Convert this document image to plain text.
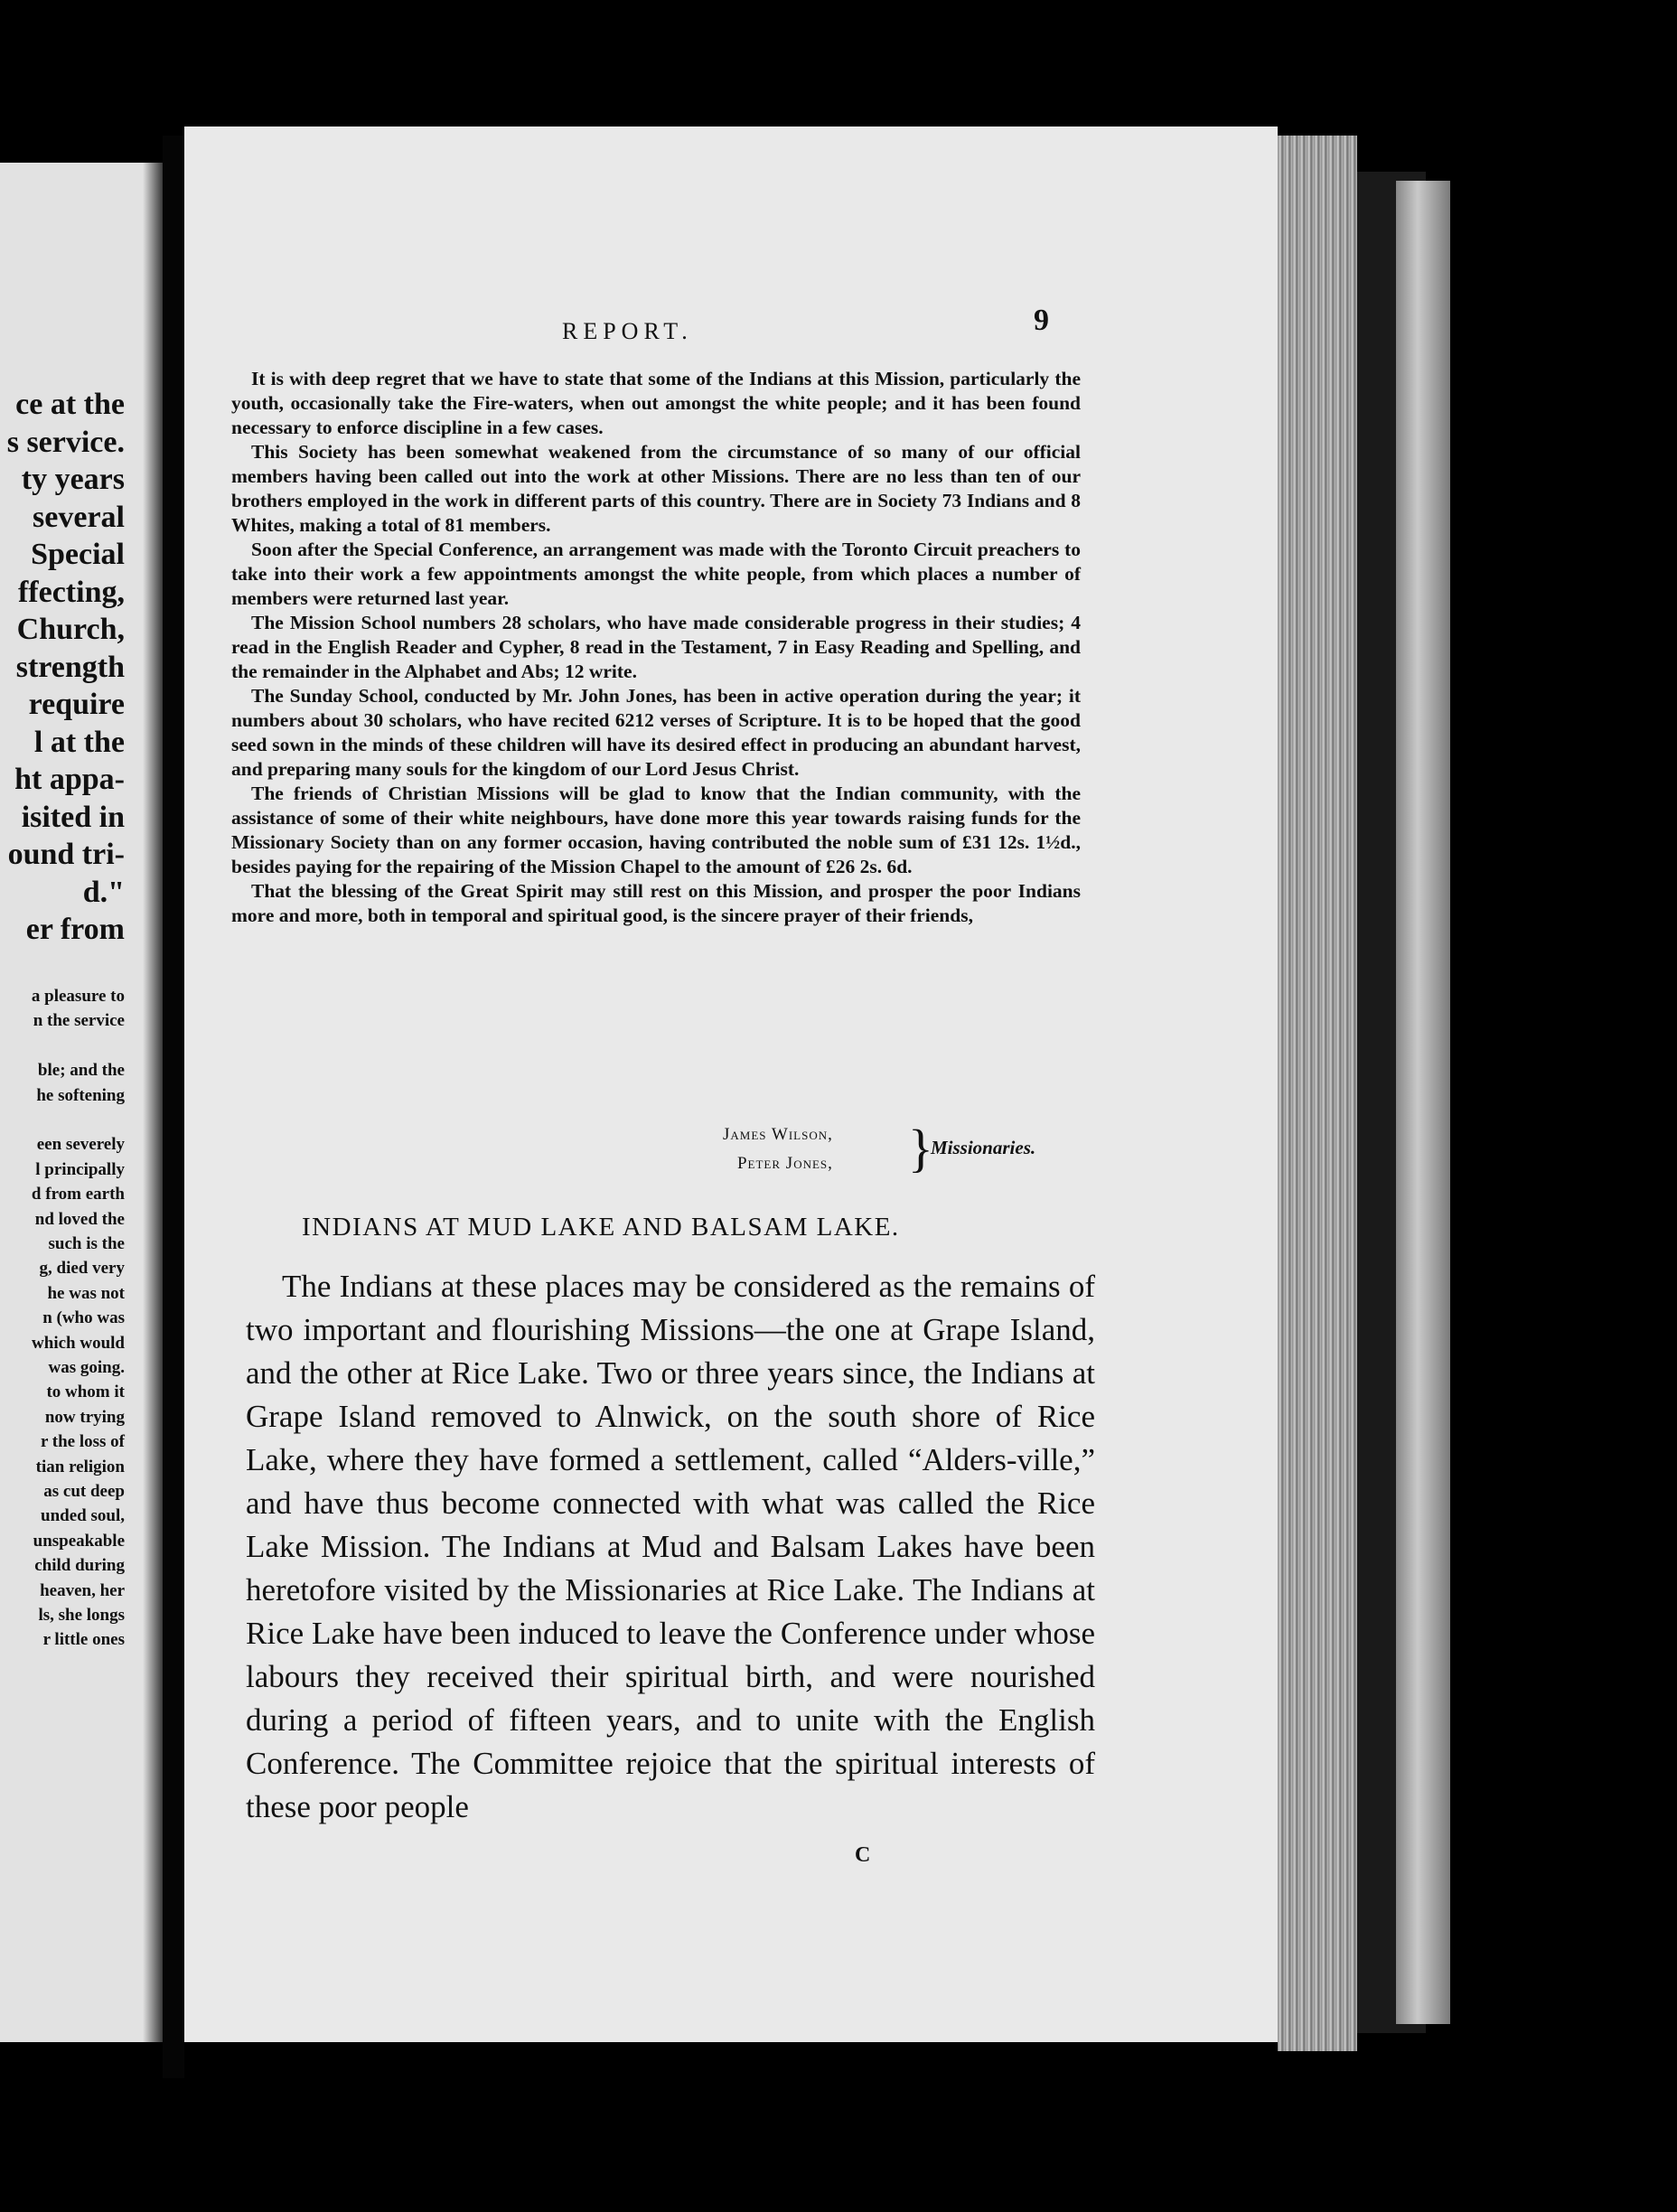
ce at the
s service.
ty years
several
Special
ffecting,
Church,
strength
require
l at the
ht appa-
isited in
ound tri-
d."
er from
a pleasure to
n the service
ble; and the
he softening
een severely
l principally
d from earth
nd loved the
such is the
g, died very
he was not
n (who was
which would
was going.
to whom it
now trying
r the loss of
tian religion
as cut deep
unded soul,
unspeakable
child during
heaven, her
ls, she longs
r little ones
REPORT.	9

It is with deep regret that we have to state that some of the Indians at this Mission, particularly the youth, occasionally take the Fire-waters, when out amongst the white people; and it has been found necessary to enforce discipline in a few cases.

This Society has been somewhat weakened from the circumstance of so many of our official members having been called out into the work at other Missions. There are no less than ten of our brothers employed in the work in different parts of this country. There are in Society 73 Indians and 8 Whites, making a total of 81 members.

Soon after the Special Conference, an arrangement was made with the Toronto Circuit preachers to take into their work a few appointments amongst the white people, from which places a number of members were returned last year.

The Mission School numbers 28 scholars, who have made considerable progress in their studies; 4 read in the English Reader and Cypher, 8 read in the Testament, 7 in Easy Reading and Spelling, and the remainder in the Alphabet and Abs; 12 write.

The Sunday School, conducted by Mr. John Jones, has been in active operation during the year; it numbers about 30 scholars, who have recited 6212 verses of Scripture. It is to be hoped that the good seed sown in the minds of these children will have its desired effect in producing an abundant harvest, and preparing many souls for the kingdom of our Lord Jesus Christ.

The friends of Christian Missions will be glad to know that the Indian community, with the assistance of some of their white neighbours, have done more this year towards raising funds for the Missionary Society than on any former occasion, having contributed the noble sum of £31 12s. 1½d., besides paying for the repairing of the Mission Chapel to the amount of £26 2s. 6d.

That the blessing of the Great Spirit may still rest on this Mission, and prosper the poor Indians more and more, both in temporal and spiritual good, is the sincere prayer of their friends,

James Wilson,
Peter Jones, }
Missionaries.
INDIANS AT MUD LAKE AND BALSAM LAKE.

The Indians at these places may be considered as the remains of two important and flourishing Missions—the one at Grape Island, and the other at Rice Lake. Two or three years since, the Indians at Grape Island removed to Alnwick, on the south shore of Rice Lake, where they have formed a settlement, called “Alders-ville,” and have thus become connected with what was called the Rice Lake Mission. The Indians at Mud and Balsam Lakes have been heretofore visited by the Missionaries at Rice Lake. The Indians at Rice Lake have been induced to leave the Conference under whose labours they received their spiritual birth, and were nourished during a period of fifteen years, and to unite with the English Conference. The Committee rejoice that the spiritual interests of these poor people

C
